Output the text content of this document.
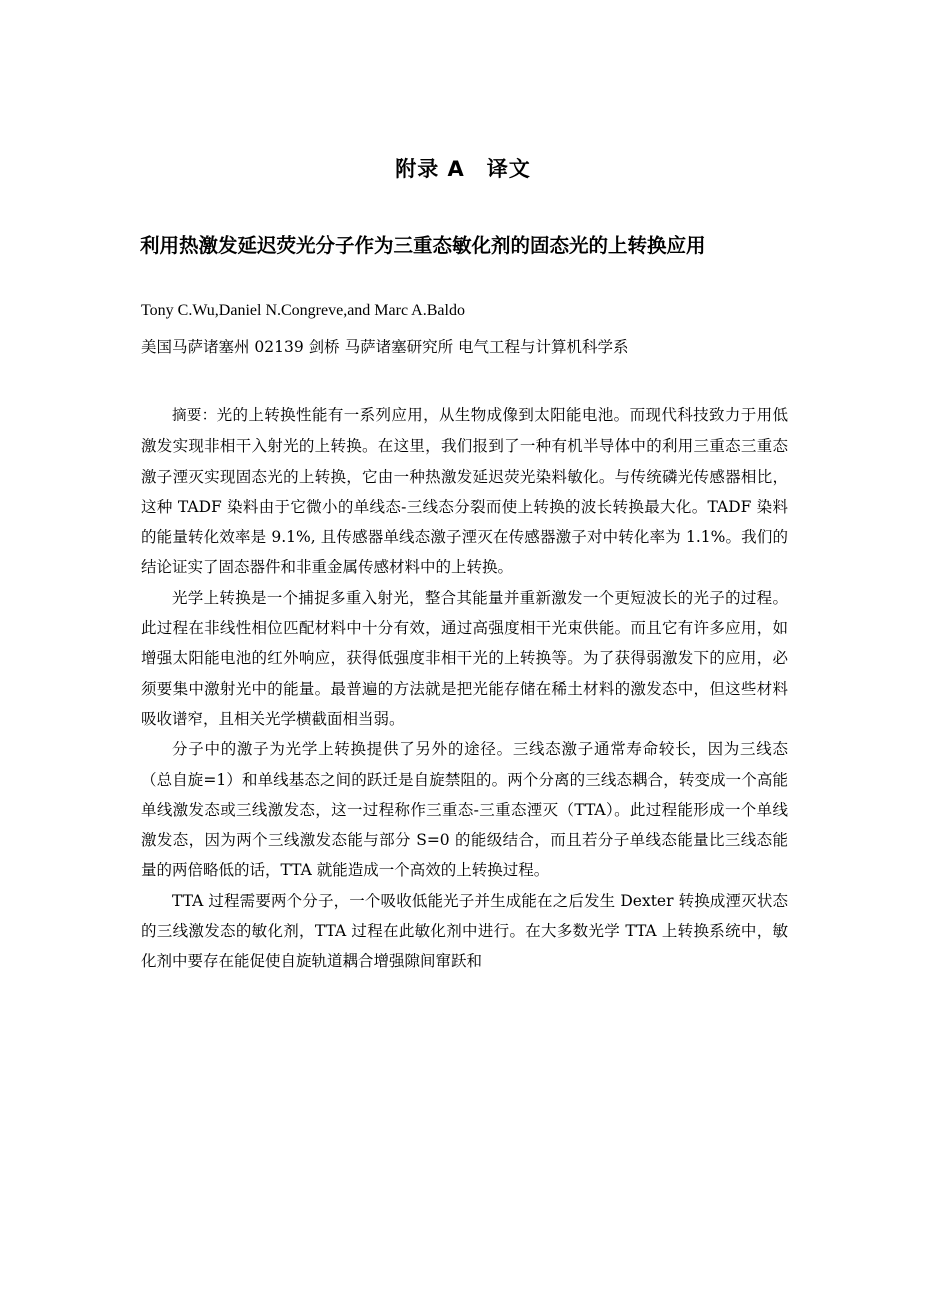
附录 A　译文
利用热激发延迟荧光分子作为三重态敏化剂的固态光的上转换应用
Tony C.Wu,Daniel N.Congreve,and Marc A.Baldo
美国马萨诸塞州 02139 剑桥 马萨诸塞研究所 电气工程与计算机科学系

摘要：光的上转换性能有一系列应用，从生物成像到太阳能电池。而现代科技致力于用低激发实现非相干入射光的上转换。在这里，我们报到了一种有机半导体中的利用三重态三重态激子湮灭实现固态光的上转换，它由一种热激发延迟荧光染料敏化。与传统磷光传感器相比，这种 TADF 染料由于它微小的单线态-三线态分裂而使上转换的波长转换最大化。TADF 染料的能量转化效率是 9.1%, 且传感器单线态激子湮灭在传感器激子对中转化率为 1.1%。我们的结论证实了固态器件和非重金属传感材料中的上转换。

光学上转换是一个捕捉多重入射光，整合其能量并重新激发一个更短波长的光子的过程。此过程在非线性相位匹配材料中十分有效，通过高强度相干光束供能。而且它有许多应用，如增强太阳能电池的红外响应，获得低强度非相干光的上转换等。为了获得弱激发下的应用，必须要集中激射光中的能量。最普遍的方法就是把光能存储在稀土材料的激发态中，但这些材料吸收谱窄，且相关光学横截面相当弱。

分子中的激子为光学上转换提供了另外的途径。三线态激子通常寿命较长，因为三线态（总自旋=1）和单线基态之间的跃迁是自旋禁阻的。两个分离的三线态耦合，转变成一个高能单线激发态或三线激发态，这一过程称作三重态-三重态湮灭（TTA）。此过程能形成一个单线激发态，因为两个三线激发态能与部分 S=0 的能级结合，而且若分子单线态能量比三线态能量的两倍略低的话，TTA 就能造成一个高效的上转换过程。

TTA 过程需要两个分子，一个吸收低能光子并生成能在之后发生 Dexter 转换成湮灭状态的三线激发态的敏化剂，TTA 过程在此敏化剂中进行。在大多数光学 TTA 上转换系统中，敏化剂中要存在能促使自旋轨道耦合增强隙间窜跃和
